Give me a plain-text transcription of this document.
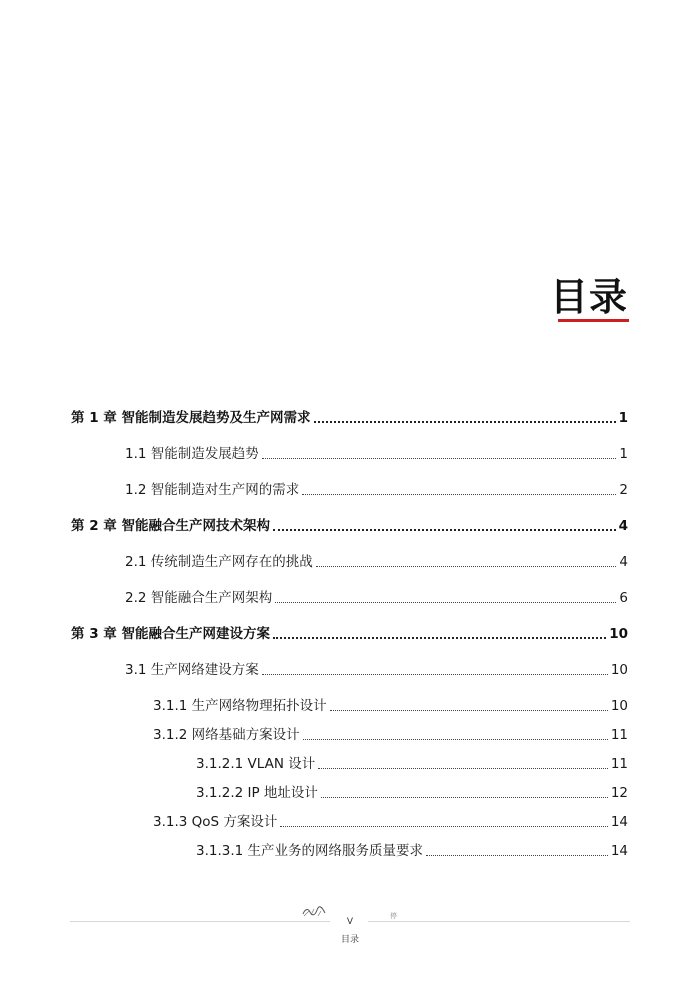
目录
第 1 章 智能制造发展趋势及生产网需求	1
1.1 智能制造发展趋势	1
1.2 智能制造对生产网的需求	2
第 2 章 智能融合生产网技术架构	4
2.1 传统制造生产网存在的挑战	4
2.2 智能融合生产网架构	6
第 3 章 智能融合生产网建设方案	10
3.1 生产网络建设方案	10
3.1.1 生产网络物理拓扑设计	10
3.1.2 网络基础方案设计	11
3.1.2.1 VLAN 设计	11
3.1.2.2 IP 地址设计	12
3.1.3 QoS 方案设计	14
3.1.3.1 生产业务的网络服务质量要求	14
停
V
目录
